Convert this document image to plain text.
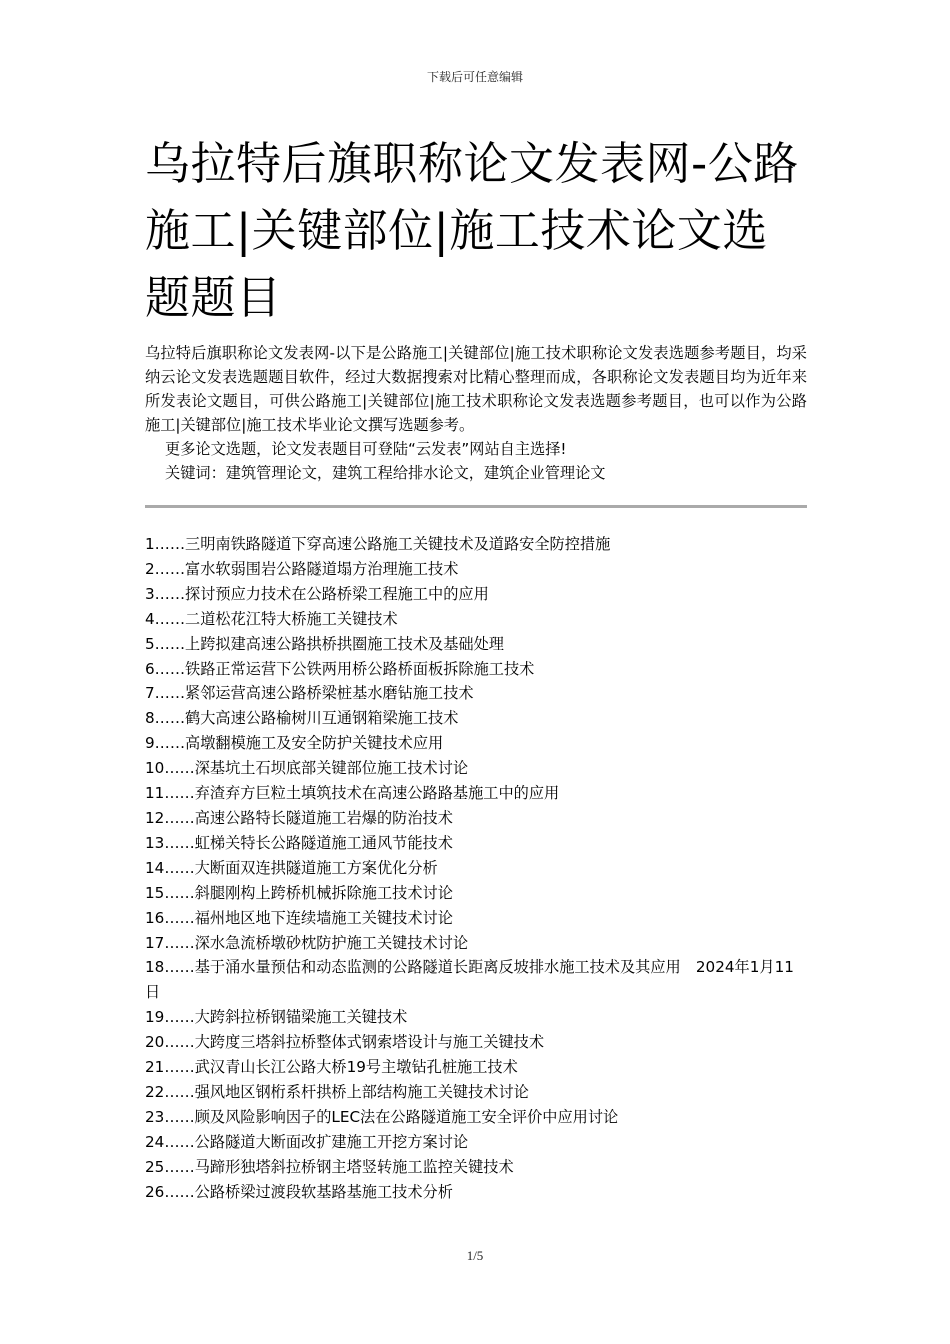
下载后可任意编辑
乌拉特后旗职称论文发表网-公路施工|关键部位|施工技术论文选题题目

乌拉特后旗职称论文发表网-以下是公路施工|关键部位|施工技术职称论文发表选题参考题目，均采纳云论文发表选题题目软件，经过大数据搜索对比精心整理而成，各职称论文发表题目均为近年来所发表论文题目，可供公路施工|关键部位|施工技术职称论文发表选题参考题目，也可以作为公路施工|关键部位|施工技术毕业论文撰写选题参考。

更多论文选题，论文发表题目可登陆“云发表”网站自主选择!

关键词：建筑管理论文，建筑工程给排水论文，建筑企业管理论文

1……三明南铁路隧道下穿高速公路施工关键技术及道路安全防控措施
2……富水软弱围岩公路隧道塌方治理施工技术
3……探讨预应力技术在公路桥梁工程施工中的应用
4……二道松花江特大桥施工关键技术
5……上跨拟建高速公路拱桥拱圈施工技术及基础处理
6……铁路正常运营下公铁两用桥公路桥面板拆除施工技术
7……紧邻运营高速公路桥梁桩基水磨钻施工技术
8……鹤大高速公路榆树川互通钢箱梁施工技术
9……高墩翻模施工及安全防护关键技术应用
10……深基坑土石坝底部关键部位施工技术讨论
11……弃渣弃方巨粒土填筑技术在高速公路路基施工中的应用
12……高速公路特长隧道施工岩爆的防治技术
13……虹梯关特长公路隧道施工通风节能技术
14……大断面双连拱隧道施工方案优化分析
15……斜腿刚构上跨桥机械拆除施工技术讨论
16……福州地区地下连续墙施工关键技术讨论
17……深水急流桥墩砂枕防护施工关键技术讨论
18……基于涌水量预估和动态监测的公路隧道长距离反坡排水施工技术及其应用　2024年1月11日
19……大跨斜拉桥钢锚梁施工关键技术
20……大跨度三塔斜拉桥整体式钢索塔设计与施工关键技术
21……武汉青山长江公路大桥19号主墩钻孔桩施工技术
22……强风地区钢桁系杆拱桥上部结构施工关键技术讨论
23……顾及风险影响因子的LEC法在公路隧道施工安全评价中应用讨论
24……公路隧道大断面改扩建施工开挖方案讨论
25……马蹄形独塔斜拉桥钢主塔竖转施工监控关键技术
26……公路桥梁过渡段软基路基施工技术分析
1/5
